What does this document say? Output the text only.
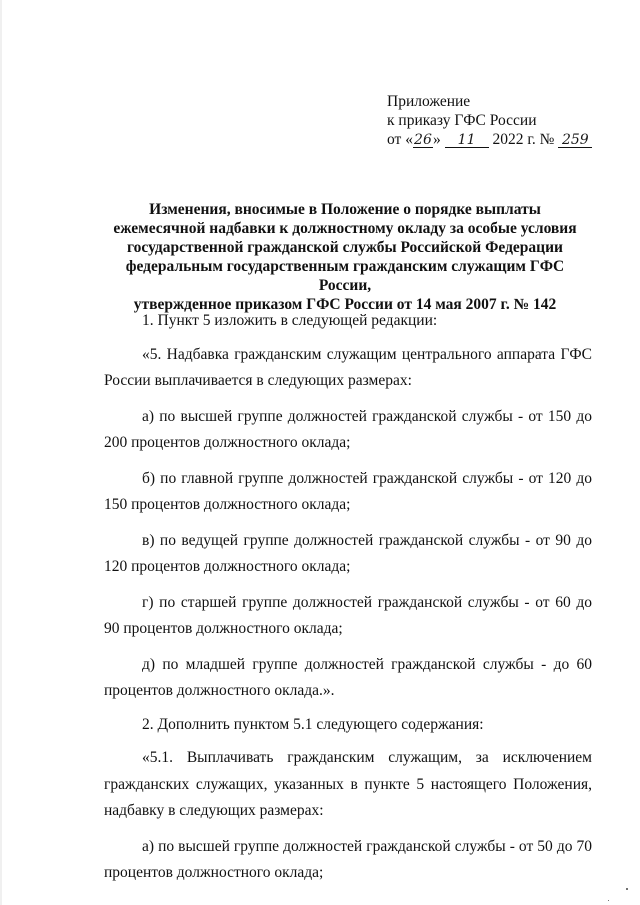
Приложение
к приказу ГФС России
от «26» 11 2022 г. № 259
Изменения, вносимые в Положение о порядке выплаты
ежемесячной надбавки к должностному окладу за особые условия
государственной гражданской службы Российской Федерации
федеральным государственным гражданским служащим ГФС России,
утвержденное приказом ГФС России от 14 мая 2007 г. № 142

1. Пункт 5 изложить в следующей редакции:

«5. Надбавка гражданским служащим центрального аппарата ГФС России выплачивается в следующих размерах:

а) по высшей группе должностей гражданской службы - от 150 до 200 процентов должностного оклада;

б) по главной группе должностей гражданской службы - от 120 до 150 процентов должностного оклада;

в) по ведущей группе должностей гражданской службы - от 90 до 120 процентов должностного оклада;

г) по старшей группе должностей гражданской службы - от 60 до 90 процентов должностного оклада;

д) по младшей группе должностей гражданской службы - до 60 процентов должностного оклада.».

2. Дополнить пунктом 5.1 следующего содержания:

«5.1. Выплачивать гражданским служащим, за исключением гражданских служащих, указанных в пункте 5 настоящего Положения, надбавку в следующих размерах:

а) по высшей группе должностей гражданской службы - от 50 до 70 процентов должностного оклада;
